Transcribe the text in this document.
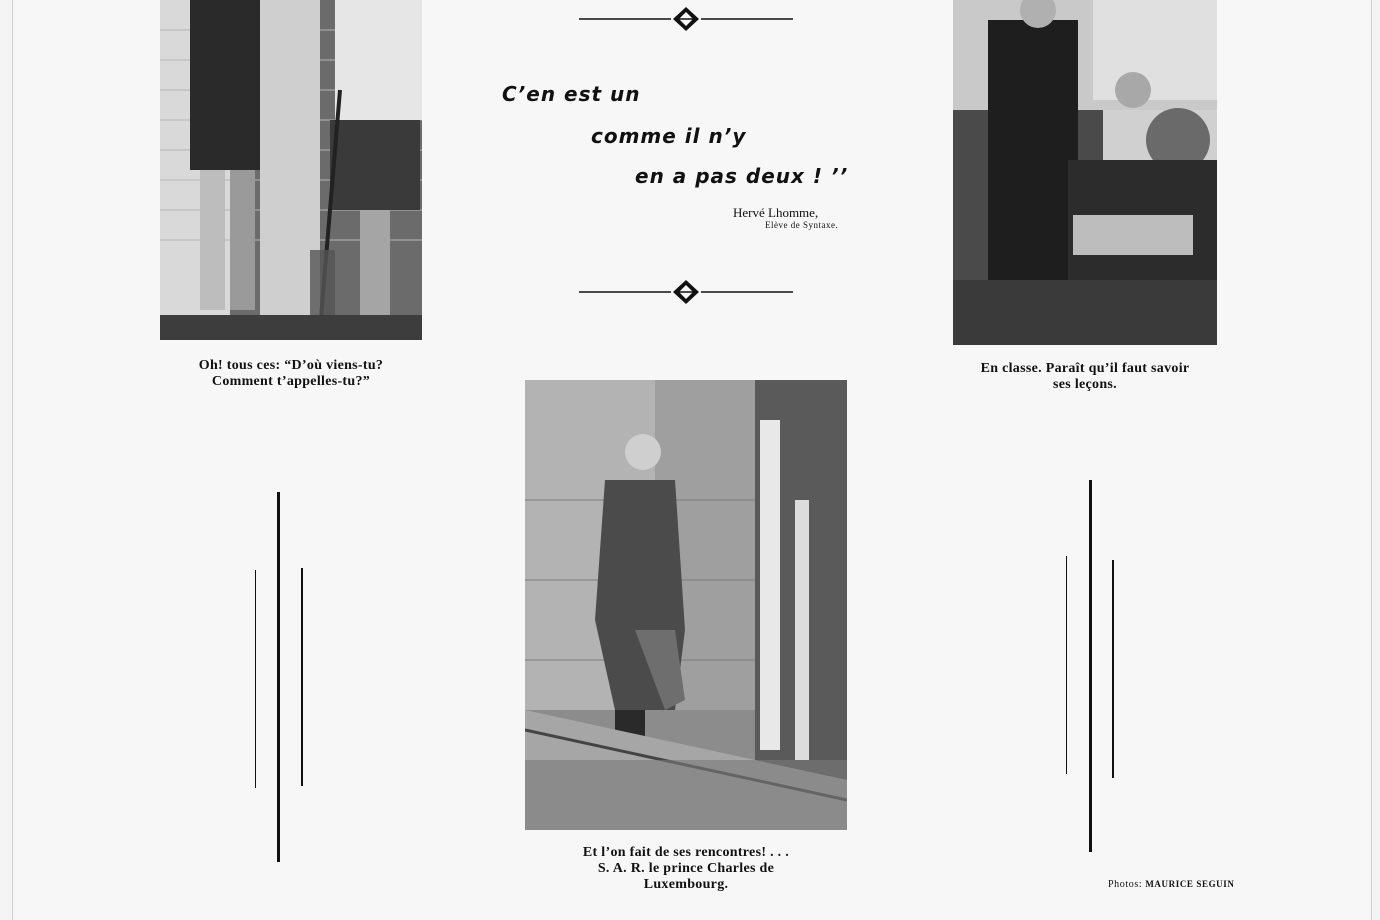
Oh! tous ces: “D’où viens-tu?
Comment t’appelles-tu?”
En classe. Paraît qu’il faut savoir
ses leçons.
Et l’on fait de ses rencontres! . . .
S. A. R. le prince Charles de
Luxembourg.
C’en est un
comme il n’y
en a pas deux ! ’’
Hervé Lhomme,
Elève de Syntaxe.
Photos: MAURICE SEGUIN
